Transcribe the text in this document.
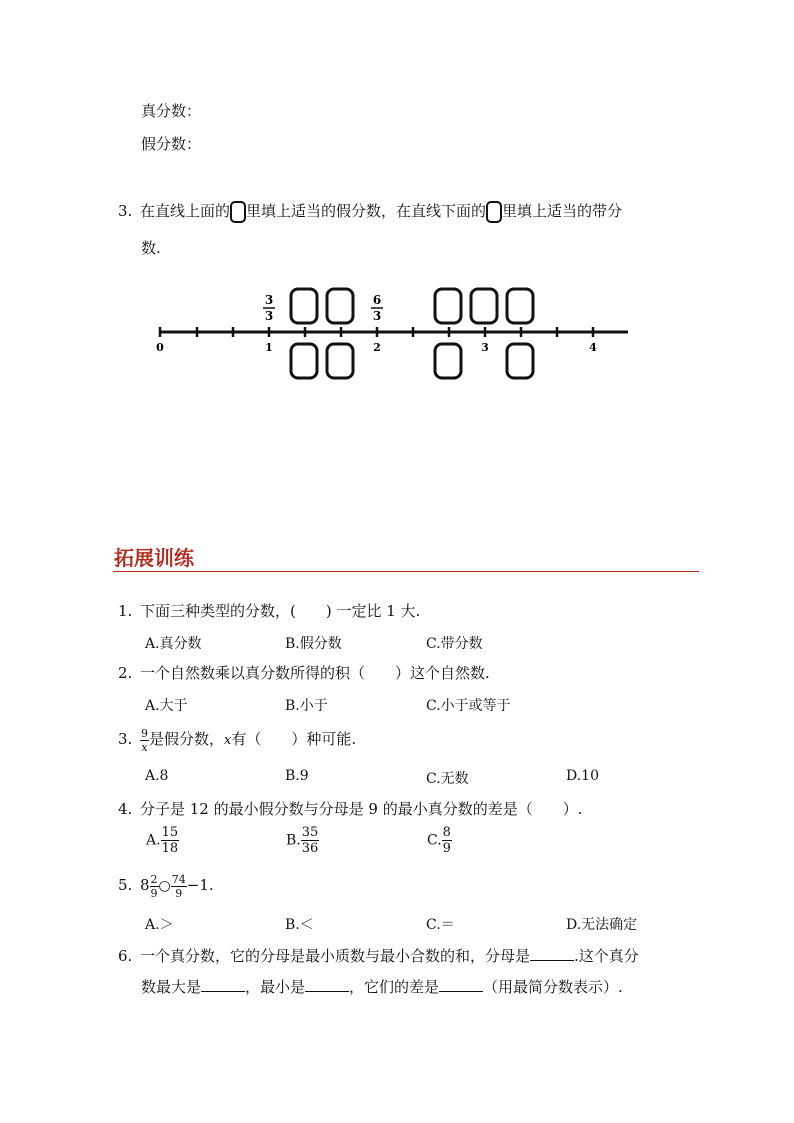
真分数：
假分数：
3. 在直线上面的 里填上适当的假分数，在直线下面的 里填上适当的带分
数.
0	1	2	3	4
3
3
6
3
拓展训练
1. 下面三种类型的分数，(　　) 一定比 1 大.
A.真分数	B.假分数	C.带分数
2. 一个自然数乘以真分数所得的积（　　）这个自然数.
A.大于	B.小于	C.小于或等于
3. $\frac{9}{x}$ 是假分数，x有（　　）种可能.
A.8	B.9	C.无数	D.10
4. 分子是 12 的最小假分数与分母是 9 的最小真分数的差是（　　）.
A. $\frac{15}{18}$	B. $\frac{35}{36}$	C. $\frac{8}{9}$
5. $8 \frac{2}{9}$ ○ $\frac{74}{9} -1$.
A.＞	B.＜	C.＝	D.无法确定
6. 一个真分数，它的分母是最小质数与最小合数的和，分母是	.这个真分
数最大是	，最小是	，它们的差是	（用最简分数表示）.
